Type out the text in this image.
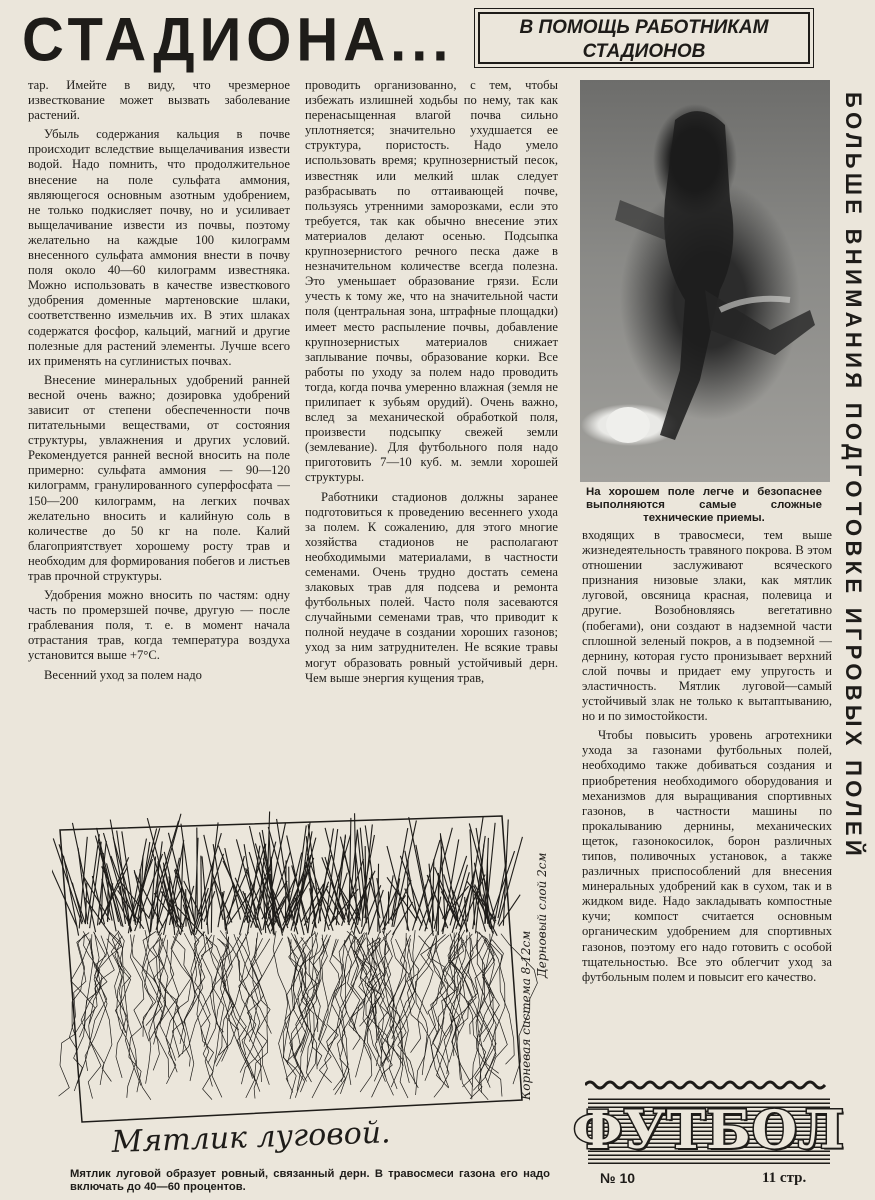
СТАДИОНА...	В ПОМОЩЬ РАБОТНИКАМ СТАДИОНОВ

тар. Имейте в виду, что чрезмерное известкование может вызвать заболевание растений.

Убыль содержания кальция в почве происходит вследствие выщелачивания извести водой. Надо помнить, что продолжительное внесение на поле сульфата аммония, являющегося основным азотным удобрением, не только подкисляет почву, но и усиливает выщелачивание извести из почвы, поэтому желательно на каждые 100 килограмм внесенного сульфата аммония внести в почву поля около 40—60 килограмм известняка. Можно использовать в качестве известкового удобрения доменные мартеновские шлаки, соответственно измельчив их. В этих шлаках содержатся фосфор, кальций, магний и другие полезные для растений элементы. Лучше всего их применять на суглинистых почвах.

Внесение минеральных удобрений ранней весной очень важно; дозировка удобрений зависит от степени обеспеченности почв питательными веществами, от состояния структуры, увлажнения и других условий. Рекомендуется ранней весной вносить на поле примерно: сульфата аммония — 90—120 килограмм, гранулированного суперфосфата — 150—200 килограмм, на легких почвах желательно вносить и калийную соль в количестве до 50 кг на поле. Калий благоприятствует хорошему росту трав и необходим для формирования побегов и листьев трав прочной структуры.

Удобрения можно вносить по частям: одну часть по промерзшей почве, другую — после граблевания поля, т. е. в момент начала отрастания трав, когда температура воздуха установится выше +7°C.

Весенний уход за полем надо

проводить организованно, с тем, чтобы избежать излишней ходьбы по нему, так как перенасыщенная влагой почва сильно уплотняется; значительно ухудшается ее структура, пористость. Надо умело использовать время; крупнозернистый песок, известняк или мелкий шлак следует разбрасывать по оттаивающей почве, пользуясь утренними заморозками, если это требуется, так как обычно внесение этих материалов делают осенью. Подсыпка крупнозернистого речного песка даже в незначительном количестве всегда полезна. Это уменьшает образование грязи. Если учесть к тому же, что на значительной части поля (центральная зона, штрафные площадки) имеет место распыление почвы, добавление крупнозернистых материалов снижает заплывание почвы, образование корки. Все работы по уходу за полем надо проводить тогда, когда почва умеренно влажная (земля не прилипает к зубьям орудий). Очень важно, вслед за механической обработкой поля, произвести подсыпку свежей земли (землевание). Для футбольного поля надо приготовить 7—10 куб. м. земли хорошей структуры.

Работники стадионов должны заранее подготовиться к проведению весеннего ухода за полем. К сожалению, для этого многие хозяйства стадионов не располагают необходимыми материалами, в частности семенами. Очень трудно достать семена злаковых трав для подсева и ремонта футбольных полей. Часто поля засеваются случайными семенами трав, что приводит к полной неудаче в создании хороших газонов; уход за ним затруднителен. Не всякие травы могут образовать ровный устойчивый дерн. Чем выше энергия кущения трав,

На хорошем поле легче и безопаснее выполняются самые сложные технические приемы.	БОЛЬШЕ ВНИМАНИЯ ПОДГОТОВКЕ ИГРОВЫХ ПОЛЕЙ

входящих в травосмеси, тем выше жизнедеятельность травяного покрова. В этом отношении заслуживают всяческого признания низовые злаки, как мятлик луговой, овсяница красная, полевица и другие. Возобновляясь вегетативно (побегами), они создают в надземной части сплошной зеленый покров, а в подземной — дернину, которая густо пронизывает верхний слой почвы и придает ему упругость и эластичность. Мятлик луговой—самый устойчивый злак не только к вытаптыванию, но и по зимостойкости.

Чтобы повысить уровень агротехники ухода за газонами футбольных полей, необходимо также добиваться создания и приобретения необходимого оборудования и механизмов для выращивания спортивных газонов, в частности машины по прокалыванию дернины, механических щеток, газонокосилок, борон различных типов, поливочных установок, а также различных приспособлений для внесения минеральных удобрений как в сухом, так и в жидком виде. Надо закладывать компостные кучи; компост считается основным органическим удобрением для спортивных газонов, поэтому его надо готовить с особой тщательностью. Все это облегчит уход за футбольным полем и повысит его качество.

Мятлик луговой.
Корневая система 8-12см
Дерновый слой 2см
Мятлик луговой образует ровный, связанный дерн. В травосмеси газона его надо включать до 40—60 процентов.
ФУТБОЛ
№ 10	11 стр.
